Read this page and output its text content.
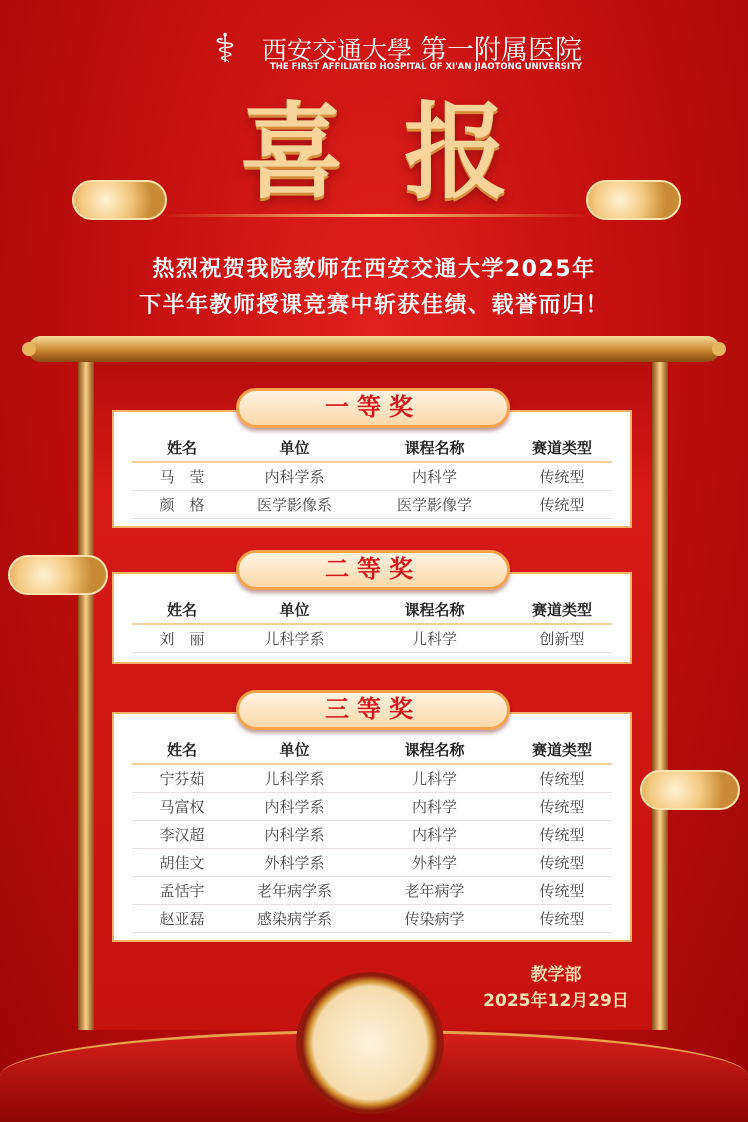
⚕	西安交通大學 第一附属医院
THE FIRST AFFILIATED HOSPITAL OF XI'AN JIAOTONG UNIVERSITY
喜报
热烈祝贺我院教师在西安交通大学2025年
下半年教师授课竞赛中斩获佳绩、载誉而归！
姓名	单位	课程名称	赛道类型
马　莹	内科学系	内科学	传统型
颜　格	医学影像系	医学影像学	传统型
一等奖
姓名	单位	课程名称	赛道类型
刘　丽	儿科学系	儿科学	创新型
二等奖
姓名	单位	课程名称	赛道类型
宁芬茹	儿科学系	儿科学	传统型
马富权	内科学系	内科学	传统型
李汉超	内科学系	内科学	传统型
胡佳文	外科学系	外科学	传统型
孟恬宇	老年病学系	老年病学	传统型
赵亚磊	感染病学系	传染病学	传统型
三等奖
教学部
2025年12月29日
